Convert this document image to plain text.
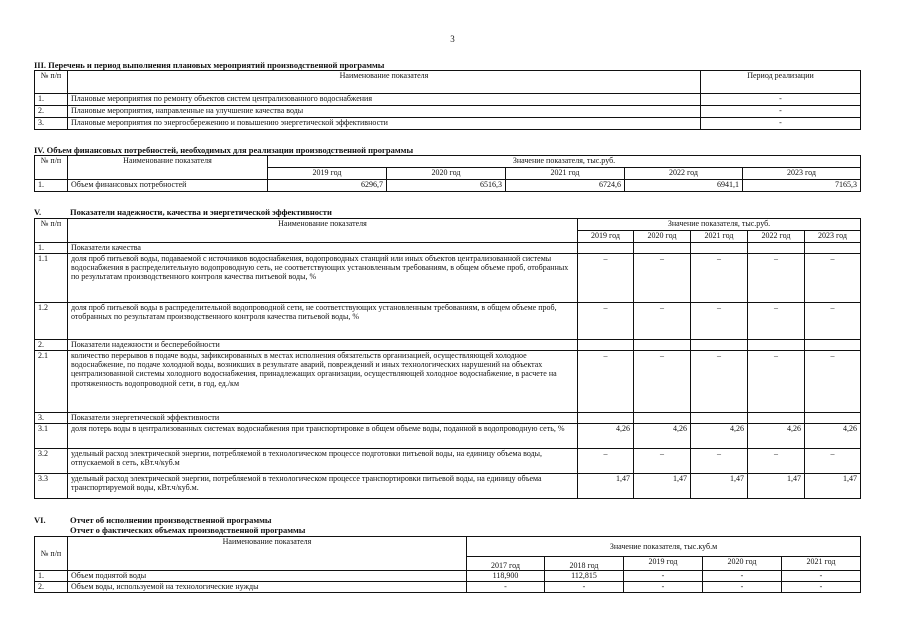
3
III. Перечень и период выполнения плановых мероприятий производственной программы
№ п/п	Наименование показателя	Период реализации
1.	Плановые мероприятия по ремонту объектов систем централизованного водоснабжения	-
2.	Плановые мероприятия, направленные на улучшение качества воды	-
3.	Плановые мероприятия по энергосбережению и повышению энергетической эффективности	-
IV. Объем финансовых потребностей, необходимых для реализации производственной программы
№ п/п	Наименование показателя	Значение показателя, тыс.руб.				
		2019 год	2020 год	2021 год	2022 год	2023 год
1.	Объем финансовых потребностей	6296,7	6516,3	6724,6	6941,1	7165,3
V.	Показатели надежности, качества и энергетической эффективности
№ п/п	Наименование показателя	Значение показателя, тыс.руб.				
		2019 год	2020 год	2021 год	2022 год	2023 год
1.	Показатели качества					
1.1	доля проб питьевой воды, подаваемой с источников водоснабжения, водопроводных станций или иных объектов централизованной системы водоснабжения в распределительную водопроводную сеть, не соответствующих установленным требованиям, в общем объеме проб, отобранных по результатам производственного контроля качества питьевой воды, %	–	–	–	–	–
1.2	доля проб питьевой воды в распределительной водопроводной сети, не соответствующих установленным требованиям, в общем объеме проб, отобранных по результатам производственного контроля качества питьевой воды, %	–	–	–	–	–
2.	Показатели надежности и бесперебойности					
2.1	количество перерывов в подаче воды, зафиксированных в местах исполнения обязательств организацией, осуществляющей холодное водоснабжение, по подаче холодной воды, возникших в результате аварий, повреждений и иных технологических нарушений на объектах централизованной системы холодного водоснабжения, принадлежащих организации, осуществляющей холодное водоснабжение, в расчете на протяженность водопроводной сети, в год, ед./км	–	–	–	–	–
3.	Показатели энергетической эффективности					
3.1	доля потерь воды в централизованных системах водоснабжения при транспортировке в общем объеме воды, поданной в водопроводную сеть, %	4,26	4,26	4,26	4,26	4,26
3.2	удельный расход электрической энергии, потребляемой в технологическом процессе подготовки питьевой воды, на единицу объема воды, отпускаемой в сеть, кВт.ч/куб.м	–	–	–	–	–
3.3	удельный расход электрической энергии, потребляемой в технологическом процессе транспортировки питьевой воды, на единицу объема транспортируемой воды, кВт.ч/куб.м.	1,47	1,47	1,47	1,47	1,47
VI.	Отчет об исполнении производственной программы
Отчет о фактических объемах производственной программы
№ п/п	Наименование показателя	Значение показателя, тыс.куб.м				
		2017 год	2018 год	2019 год	2020 год	2021 год
1.	Объем поднятой воды	118,900	112,815	-	-	-
2.	Объем воды, используемой на технологические нужды	-	-	-	-	-
